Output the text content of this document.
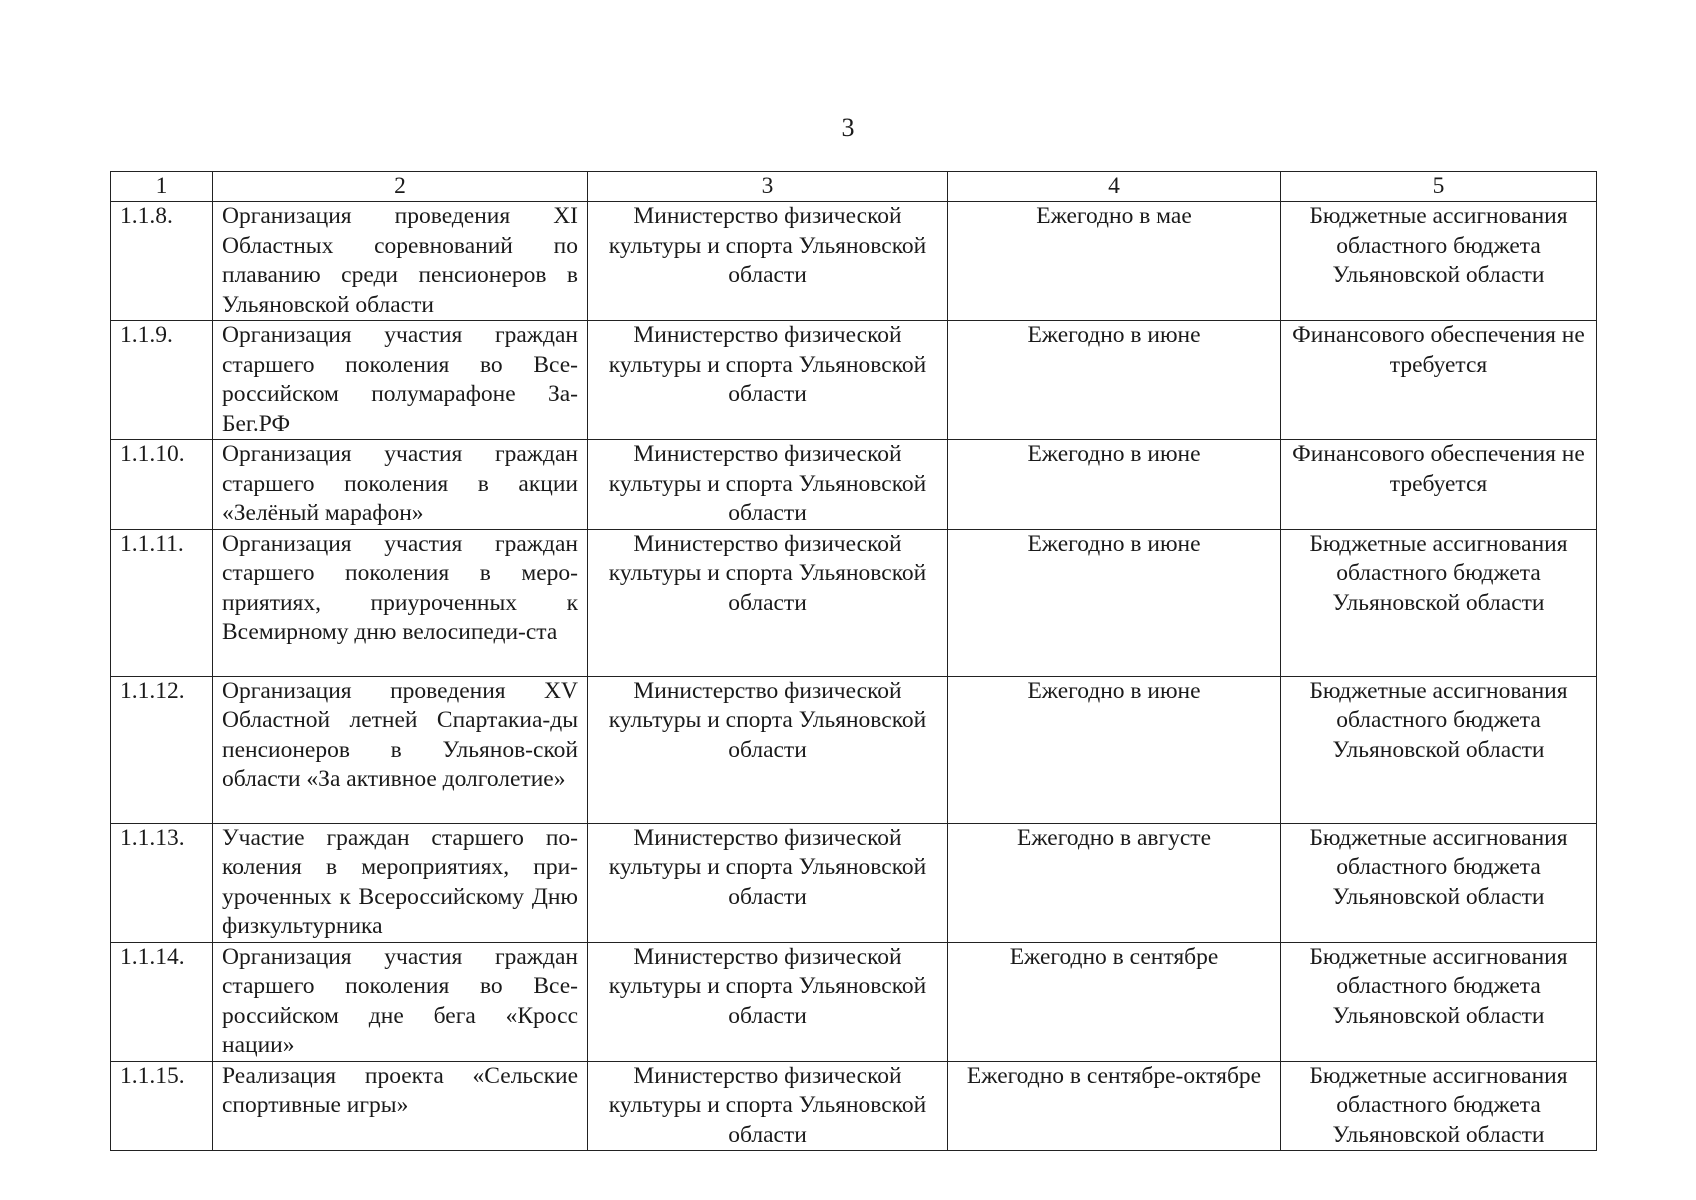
3
1	2	3	4	5
1.1.8.	Организация проведения XI Областных соревнований по плаванию среди пенсионеров в Ульяновской области	Министерство физической культуры и спорта Ульяновской области	Ежегодно в мае	Бюджетные ассигнования областного бюджета Ульяновской области
1.1.9.	Организация участия граждан старшего поколения во Все-российском полумарафоне За-Бег.РФ	Министерство физической культуры и спорта Ульяновской области	Ежегодно в июне	Финансового обеспечения не требуется
1.1.10.	Организация участия граждан старшего поколения в акции «Зелёный марафон»	Министерство физической культуры и спорта Ульяновской области	Ежегодно в июне	Финансового обеспечения не требуется
1.1.11.	Организация участия граждан старшего поколения в меро-приятиях, приуроченных к Всемирному дню велосипеди-ста	Министерство физической культуры и спорта Ульяновской области	Ежегодно в июне	Бюджетные ассигнования областного бюджета Ульяновской области
1.1.12.	Организация проведения XV Областной летней Спартакиа-ды пенсионеров в Ульянов-ской области «За активное долголетие»	Министерство физической культуры и спорта Ульяновской области	Ежегодно в июне	Бюджетные ассигнования областного бюджета Ульяновской области
1.1.13.	Участие граждан старшего по-коления в мероприятиях, при-уроченных к Всероссийскому Дню физкультурника	Министерство физической культуры и спорта Ульяновской области	Ежегодно в августе	Бюджетные ассигнования областного бюджета Ульяновской области
1.1.14.	Организация участия граждан старшего поколения во Все-российском дне бега «Кросс нации»	Министерство физической культуры и спорта Ульяновской области	Ежегодно в сентябре	Бюджетные ассигнования областного бюджета Ульяновской области
1.1.15.	Реализация проекта «Сельские спортивные игры»	Министерство физической культуры и спорта Ульяновской области	Ежегодно в сентябре-октябре	Бюджетные ассигнования областного бюджета Ульяновской области
